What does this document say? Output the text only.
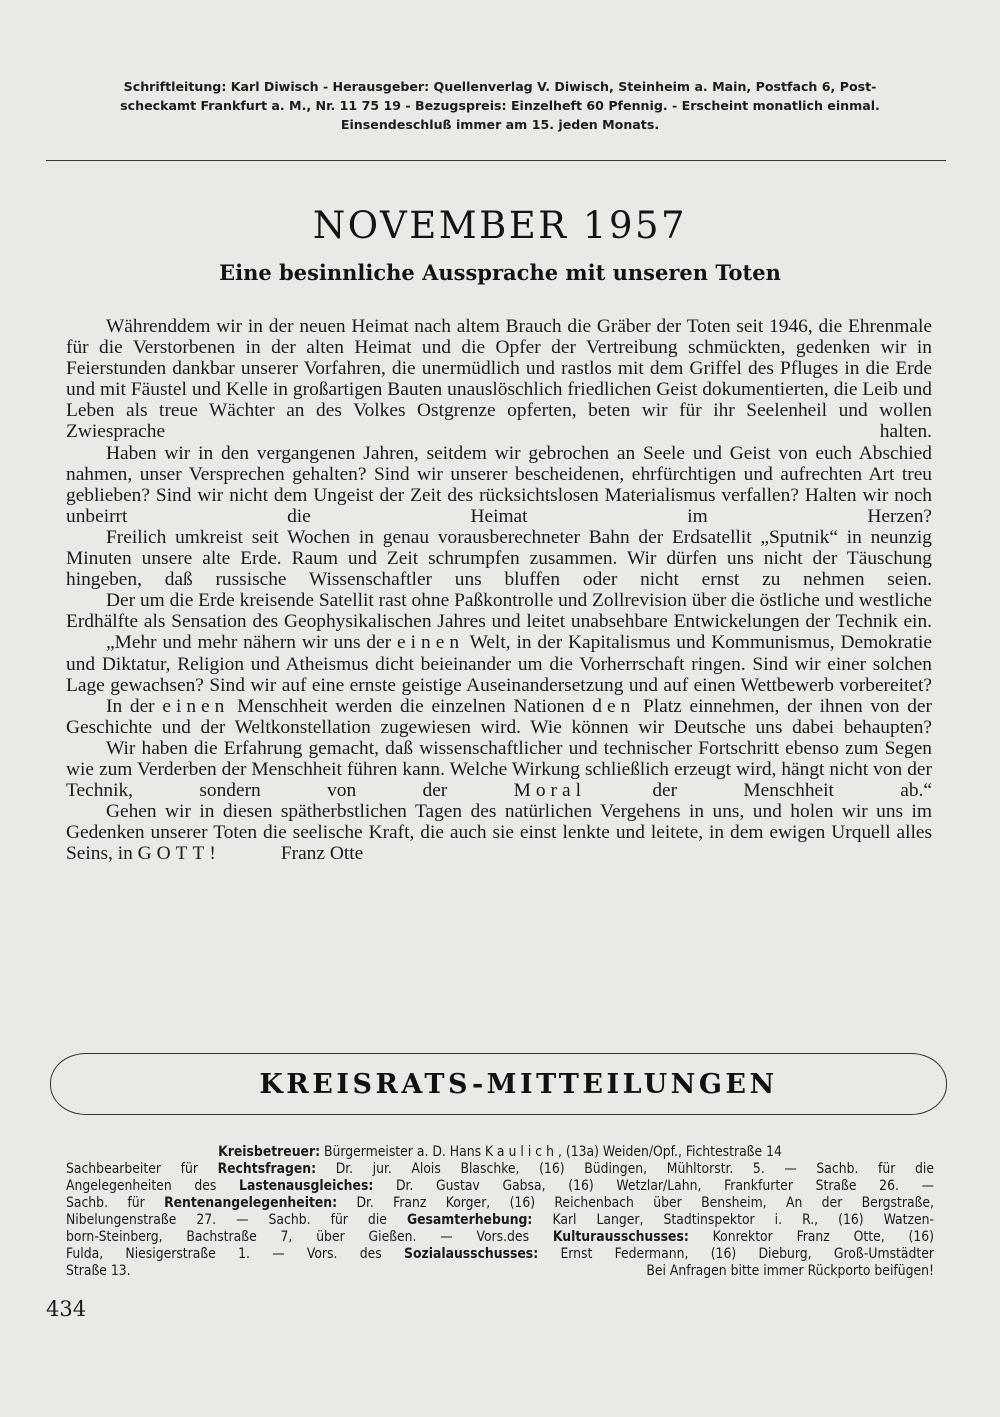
Schriftleitung: Karl Diwisch - Herausgeber: Quellenverlag V. Diwisch, Steinheim a. Main, Postfach 6, Post-
scheckamt Frankfurt a. M., Nr. 11 75 19 - Bezugspreis: Einzelheft 60 Pfennig. - Erscheint monatlich einmal.
Einsendeschluß immer am 15. jeden Monats.
NOVEMBER 1957
Eine besinnliche Aussprache mit unseren Toten

Währenddem wir in der neuen Heimat nach altem Brauch die Gräber der Toten seit 1946, die Ehrenmale für die Verstorbenen in der alten Heimat und die Opfer der Vertreibung schmückten, gedenken wir in Feierstunden dankbar unserer Vorfahren, die unermüdlich und rastlos mit dem Griffel des Pfluges in die Erde und mit Fäustel und Kelle in großartigen Bauten unauslöschlich friedlichen Geist dokumentierten, die Leib und Leben als treue Wächter an des Volkes Ostgrenze opferten, beten wir für ihr Seelenheil und wollen Zwiesprache halten.

Haben wir in den vergangenen Jahren, seitdem wir gebrochen an Seele und Geist von euch Abschied nahmen, unser Versprechen gehalten? Sind wir unserer bescheidenen, ehrfürchtigen und aufrechten Art treu geblieben? Sind wir nicht dem Ungeist der Zeit des rücksichtslosen Materialismus verfallen? Halten wir noch unbeirrt die Heimat im Herzen?

Freilich umkreist seit Wochen in genau vorausberechneter Bahn der Erdsatellit „Sputnik“ in neunzig Minuten unsere alte Erde. Raum und Zeit schrumpfen zusammen. Wir dürfen uns nicht der Täuschung hingeben, daß russische Wissenschaftler uns bluffen oder nicht ernst zu nehmen seien.

Der um die Erde kreisende Satellit rast ohne Paßkontrolle und Zollrevision über die östliche und westliche Erdhälfte als Sensation des Geophysikalischen Jahres und leitet unabsehbare Entwickelungen der Technik ein.

„Mehr und mehr nähern wir uns der einen Welt, in der Kapitalismus und Kommunismus, Demokratie und Diktatur, Religion und Atheismus dicht beieinander um die Vorherrschaft ringen. Sind wir einer solchen Lage gewachsen? Sind wir auf eine ernste geistige Auseinandersetzung und auf einen Wettbewerb vorbereitet?

In der einen Menschheit werden die einzelnen Nationen den Platz einnehmen, der ihnen von der Geschichte und der Weltkonstellation zugewiesen wird. Wie können wir Deutsche uns dabei behaupten?

Wir haben die Erfahrung gemacht, daß wissenschaftlicher und technischer Fortschritt ebenso zum Segen wie zum Verderben der Menschheit führen kann. Welche Wirkung schließlich erzeugt wird, hängt nicht von der Technik, sondern von der	Moral	der Menschheit ab.“

Gehen wir in diesen spätherbstlichen Tagen des natürlichen Vergehens in uns, und holen wir uns im Gedenken unserer Toten die seelische Kraft, die auch sie einst lenkte und leitete, in dem ewigen Urquell alles Seins, in GOTT!	Franz Otte

KREISRATS-MITTEILUNGEN
Kreisbetreuer: Bürgermeister a. D. Hans Kaulich, (13a) Weiden/Opf., Fichtestraße 14
Sachbearbeiter für Rechtsfragen: Dr. jur. Alois Blaschke, (16) Büdingen, Mühltorstr. 5. — Sachb. für die
Angelegenheiten des Lastenausgleiches: Dr. Gustav Gabsa, (16) Wetzlar/Lahn, Frankfurter Straße 26. —
Sachb. für Rentenangelegenheiten: Dr. Franz Korger, (16) Reichenbach über Bensheim, An der Bergstraße,
Nibelungenstraße 27. — Sachb. für die Gesamterhebung: Karl Langer, Stadtinspektor i. R., (16) Watzen-
born-Steinberg, Bachstraße 7, über Gießen. — Vors.des Kulturausschusses: Konrektor Franz Otte, (16)
Fulda, Niesigerstraße 1. — Vors. des Sozialausschusses: Ernst Federmann, (16) Dieburg, Groß-Umstädter
Straße 13.	Bei Anfragen bitte immer Rückporto beifügen!
434
